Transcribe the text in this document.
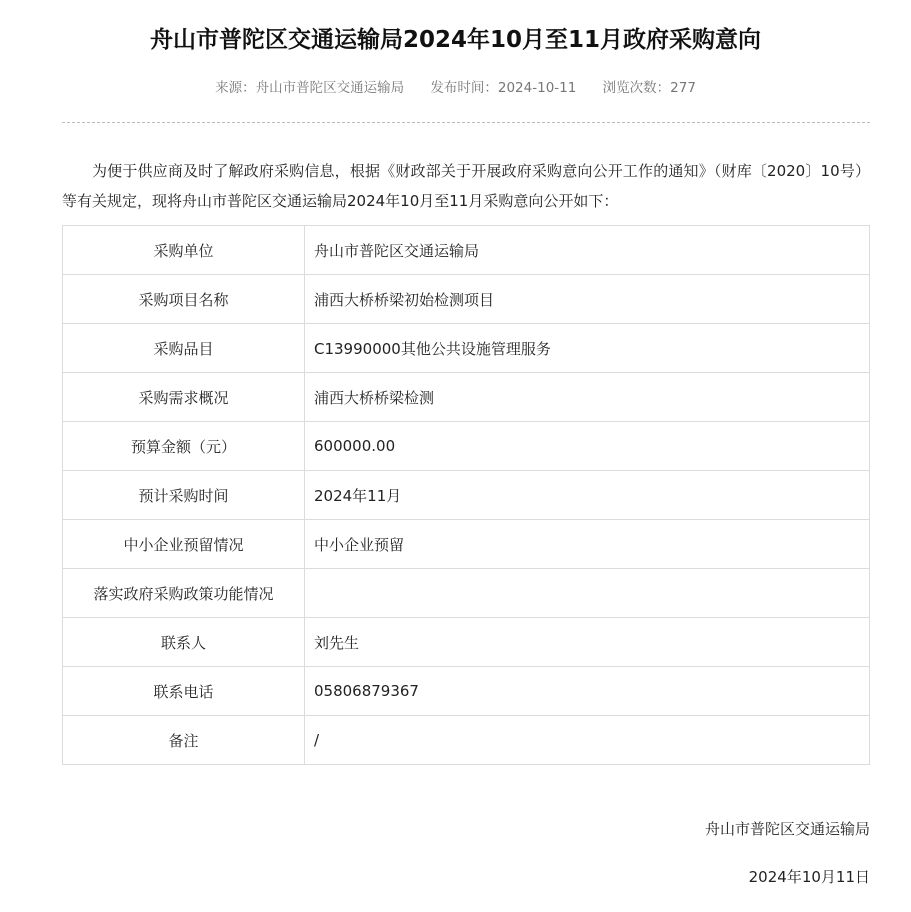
舟山市普陀区交通运输局2024年10月至11月政府采购意向
来源：舟山市普陀区交通运输局 发布时间：2024-10-11 浏览次数：277

为便于供应商及时了解政府采购信息，根据《财政部关于开展政府采购意向公开工作的通知》（财库〔2020〕10号）等有关规定，现将舟山市普陀区交通运输局2024年10月至11月采购意向公开如下：

采购单位	舟山市普陀区交通运输局
采购项目名称	浦西大桥桥梁初始检测项目
采购品目	C13990000其他公共设施管理服务
采购需求概况	浦西大桥桥梁检测
预算金额（元）	600000.00
预计采购时间	2024年11月
中小企业预留情况	中小企业预留
落实政府采购政策功能情况	
联系人	刘先生
联系电话	05806879367
备注	/
舟山市普陀区交通运输局
2024年10月11日
